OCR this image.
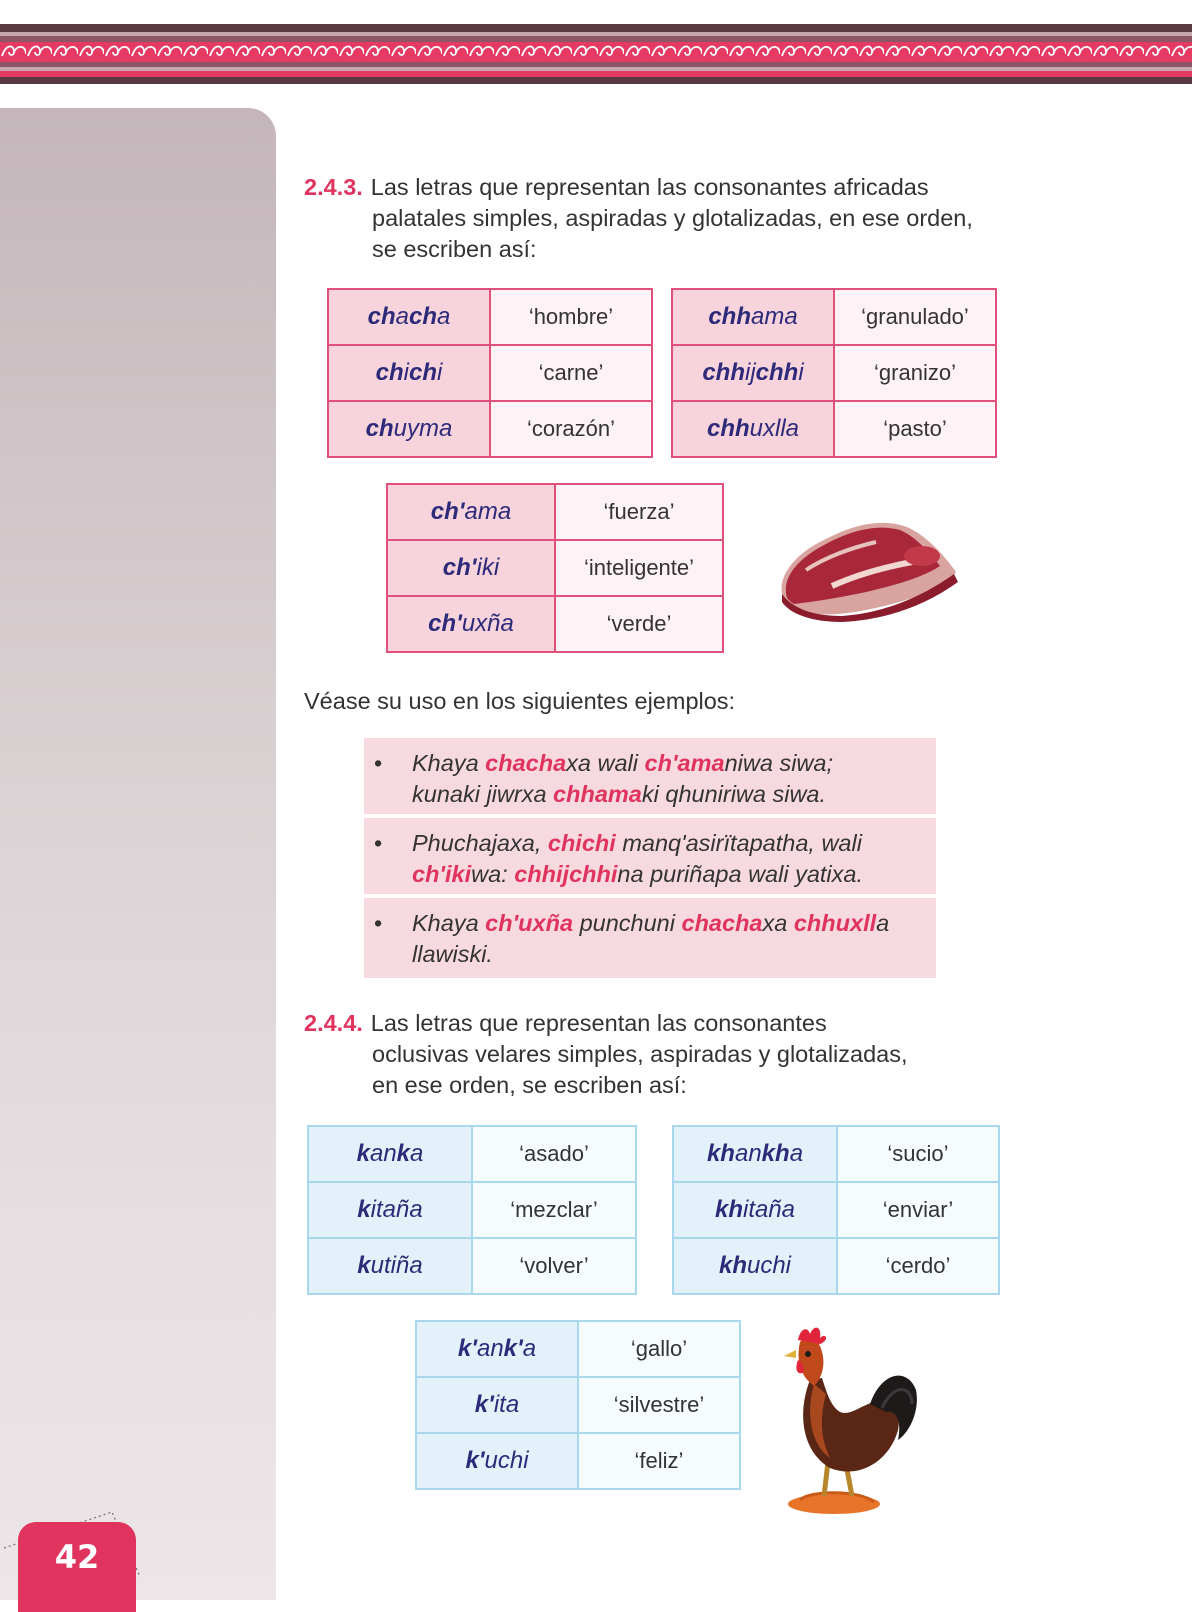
42
2.4.3. Las letras que representan las consonantes africadas
palatales simples, aspiradas y glotalizadas, en ese orden,
se escriben así:
chacha	‘hombre’
chichi	‘carne’
chuyma	‘corazón’
chhama	‘granulado’
chhijchhi	‘granizo’
chhuxlla	‘pasto’
ch'ama	‘fuerza’
ch'iki	‘inteligente’
ch'uxña	‘verde’
Véase su uso en los siguientes ejemplos:
• Khaya chachaxa wali ch'amaniwa siwa;
kunaki jiwrxa chhamaki qhuniriwa siwa.
• Phuchajaxa, chichi manq'asirïtapatha, wali
ch'ikiwa: chhijchhina puriñapa wali yatixa.
• Khaya ch'uxña punchuni chachaxa chhuxlla
llawiski.
2.4.4. Las letras que representan las consonantes
oclusivas velares simples, aspiradas y glotalizadas,
en ese orden, se escriben así:
kanka	‘asado’
kitaña	‘mezclar’
kutiña	‘volver’
khankha	‘sucio’
khitaña	‘enviar’
khuchi	‘cerdo’
k'ank'a	‘gallo’
k'ita	‘silvestre’
k'uchi	‘feliz’
